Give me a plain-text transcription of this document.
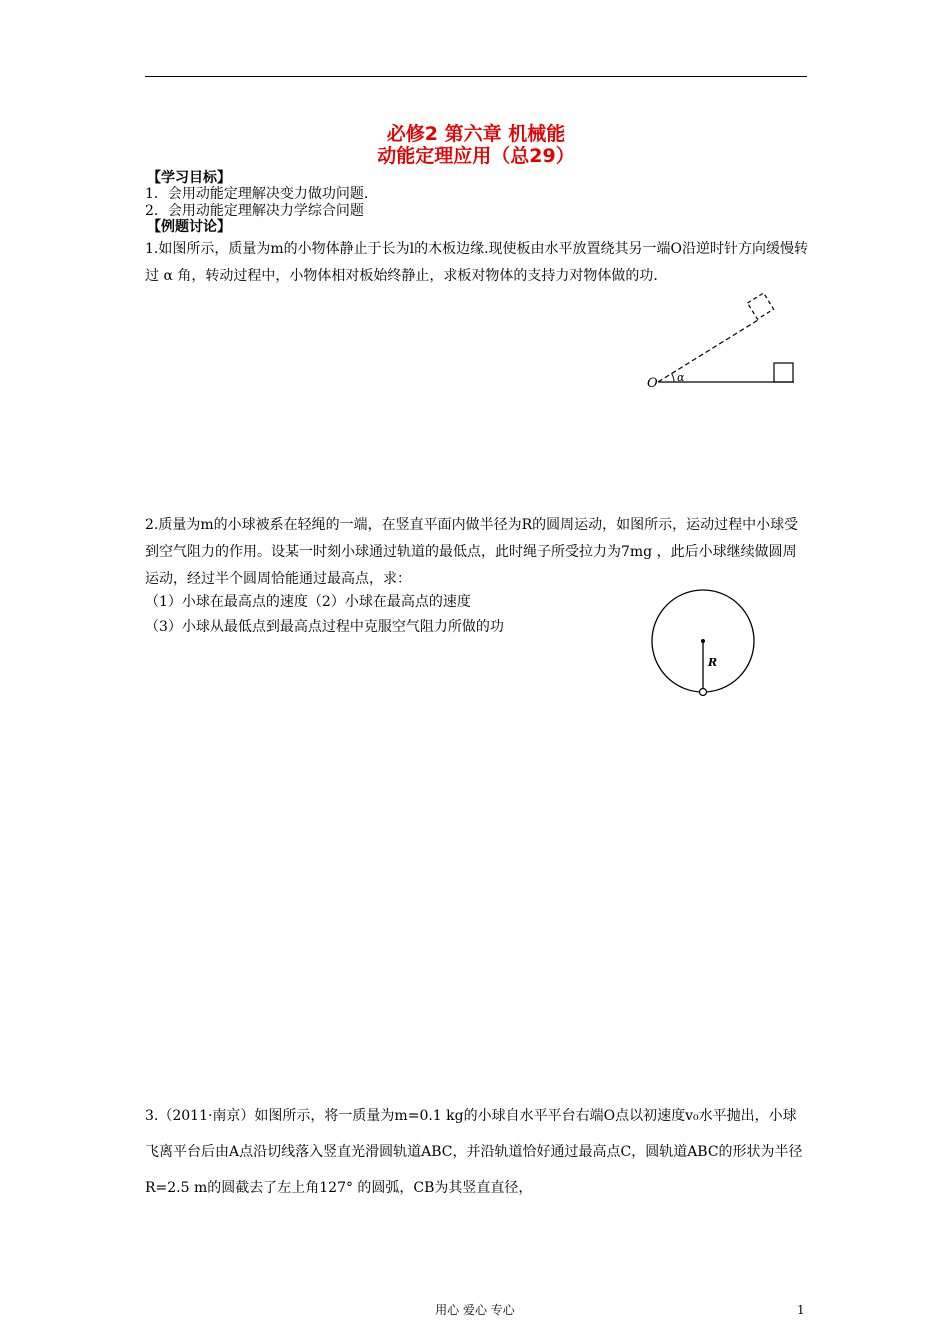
必修2 第六章 机械能
动能定理应用（总29）
【学习目标】
1．会用动能定理解决变力做功问题.
2．会用动能定理解决力学综合问题
【例题讨论】
1.如图所示，质量为m的小物体静止于长为l的木板边缘.现使板由水平放置绕其另一端O沿逆时针方向缓慢转过 α 角，转动过程中，小物体相对板始终静止，求板对物体的支持力对物体做的功.
O α
2.质量为m的小球被系在轻绳的一端，在竖直平面内做半径为R的圆周运动，如图所示，运动过程中小球受到空气阻力的作用。设某一时刻小球通过轨道的最低点，此时绳子所受拉力为7mg ，此后小球继续做圆周运动，经过半个圆周恰能通过最高点，求：
（1）小球在最高点的速度（2）小球在最高点的速度
（3）小球从最低点到最高点过程中克服空气阻力所做的功
R
3.（2011·南京）如图所示，将一质量为m=0.1 kg的小球自水平平台右端O点以初速度v₀水平抛出，小球飞离平台后由A点沿切线落入竖直光滑圆轨道ABC，并沿轨道恰好通过最高点C，圆轨道ABC的形状为半径R=2.5 m的圆截去了左上角127° 的圆弧，CB为其竖直直径，
用心 爱心 专心	1
